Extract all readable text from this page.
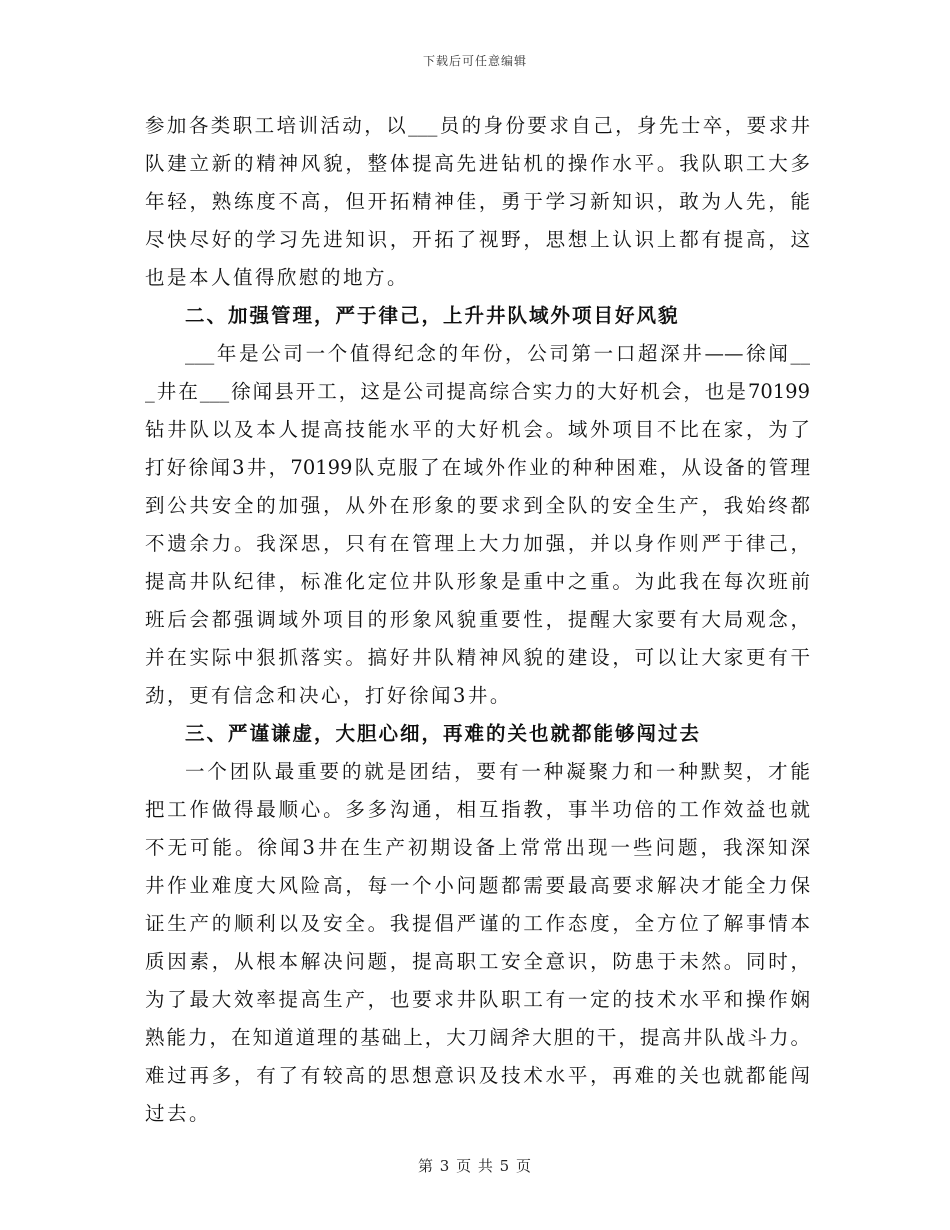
下载后可任意编辑
参加各类职工培训活动，以___员的身份要求自己，身先士卒，要求井
队建立新的精神风貌，整体提高先进钻机的操作水平。我队职工大多
年轻，熟练度不高，但开拓精神佳，勇于学习新知识，敢为人先，能
尽快尽好的学习先进知识，开拓了视野，思想上认识上都有提高，这
也是本人值得欣慰的地方。
二、加强管理，严于律己，上升井队域外项目好风貌
___年是公司一个值得纪念的年份，公司第一口超深井——徐闻__
_井在___徐闻县开工，这是公司提高综合实力的大好机会，也是70199
钻井队以及本人提高技能水平的大好机会。域外项目不比在家，为了
打好徐闻3井，70199队克服了在域外作业的种种困难，从设备的管理
到公共安全的加强，从外在形象的要求到全队的安全生产，我始终都
不遗余力。我深思，只有在管理上大力加强，并以身作则严于律己，
提高井队纪律，标准化定位井队形象是重中之重。为此我在每次班前
班后会都强调域外项目的形象风貌重要性，提醒大家要有大局观念，
并在实际中狠抓落实。搞好井队精神风貌的建设，可以让大家更有干
劲，更有信念和决心，打好徐闻3井。
三、严谨谦虚，大胆心细，再难的关也就都能够闯过去
一个团队最重要的就是团结，要有一种凝聚力和一种默契，才能
把工作做得最顺心。多多沟通，相互指教，事半功倍的工作效益也就
不无可能。徐闻3井在生产初期设备上常常出现一些问题，我深知深
井作业难度大风险高，每一个小问题都需要最高要求解决才能全力保
证生产的顺利以及安全。我提倡严谨的工作态度，全方位了解事情本
质因素，从根本解决问题，提高职工安全意识，防患于未然。同时，
为了最大效率提高生产，也要求井队职工有一定的技术水平和操作娴
熟能力，在知道道理的基础上，大刀阔斧大胆的干，提高井队战斗力。
难过再多，有了有较高的思想意识及技术水平，再难的关也就都能闯
过去。
第 3 页 共 5 页
